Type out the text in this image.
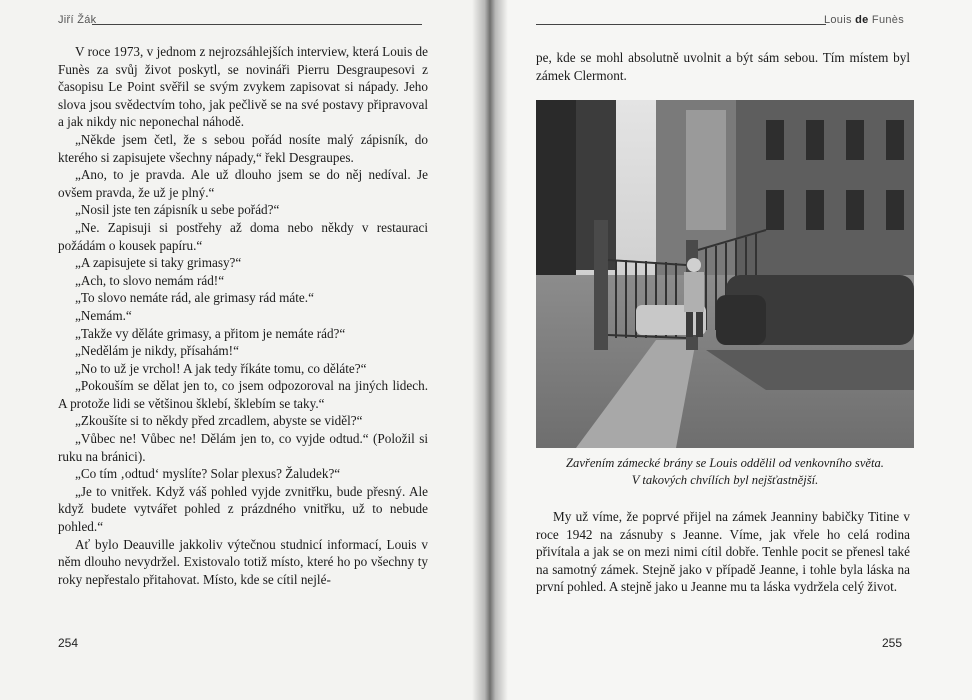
Jiří Žák

V roce 1973, v jednom z nejrozsáhlejších interview, která Louis de Funès za svůj život poskytl, se novináři Pierru Desgraupesovi z časopisu Le Point svěřil se svým zvykem zapisovat si nápady. Jeho slova jsou svědectvím toho, jak pečlivě se na své postavy připravoval a jak nikdy nic neponechal náhodě.

„Někde jsem četl, že s sebou pořád nosíte malý zápisník, do kterého si zapisujete všechny nápady,“ řekl Desgraupes.

„Ano, to je pravda. Ale už dlouho jsem se do něj nedíval. Je ovšem pravda, že už je plný.“

„Nosil jste ten zápisník u sebe pořád?“

„Ne. Zapisuji si postřehy až doma nebo někdy v restauraci požádám o kousek papíru.“

„A zapisujete si taky grimasy?“

„Ach, to slovo nemám rád!“

„To slovo nemáte rád, ale grimasy rád máte.“

„Nemám.“

„Takže vy děláte grimasy, a přitom je nemáte rád?“

„Nedělám je nikdy, přísahám!“

„No to už je vrchol! A jak tedy říkáte tomu, co děláte?“

„Pokouším se dělat jen to, co jsem odpozoroval na jiných lidech. A protože lidi se většinou šklebí, šklebím se taky.“

„Zkoušíte si to někdy před zrcadlem, abyste se viděl?“

„Vůbec ne! Vůbec ne! Dělám jen to, co vyjde odtud.“ (Položil si ruku na bránici).

„Co tím ‚odtud‘ myslíte? Solar plexus? Žaludek?“

„Je to vnitřek. Když váš pohled vyjde zvnitřku, bude přesný. Ale když budete vytvářet pohled z prázdného vnitřku, už to nebude pohled.“

Ať bylo Deauville jakkoliv výtečnou studnicí informací, Louis v něm dlouho nevydržel. Existovalo totiž místo, které ho po všechny ty roky nepřestalo přitahovat. Místo, kde se cítil nejlé-

254
Louis de Funès

pe, kde se mohl absolutně uvolnit a být sám sebou. Tím místem byl zámek Clermont.

Zavřením zámecké brány se Louis oddělil od venkovního světa.
V takových chvílích byl nejšťastnější.

My už víme, že poprvé přijel na zámek Jeanniny babičky Titine v roce 1942 na zásnuby s Jeanne. Víme, jak vřele ho celá rodina přivítala a jak se on mezi nimi cítil dobře. Tenhle pocit se přenesl také na samotný zámek. Stejně jako v případě Jeanne, i tohle byla láska na první pohled. A stejně jako u Jeanne mu ta láska vydržela celý život.

255
